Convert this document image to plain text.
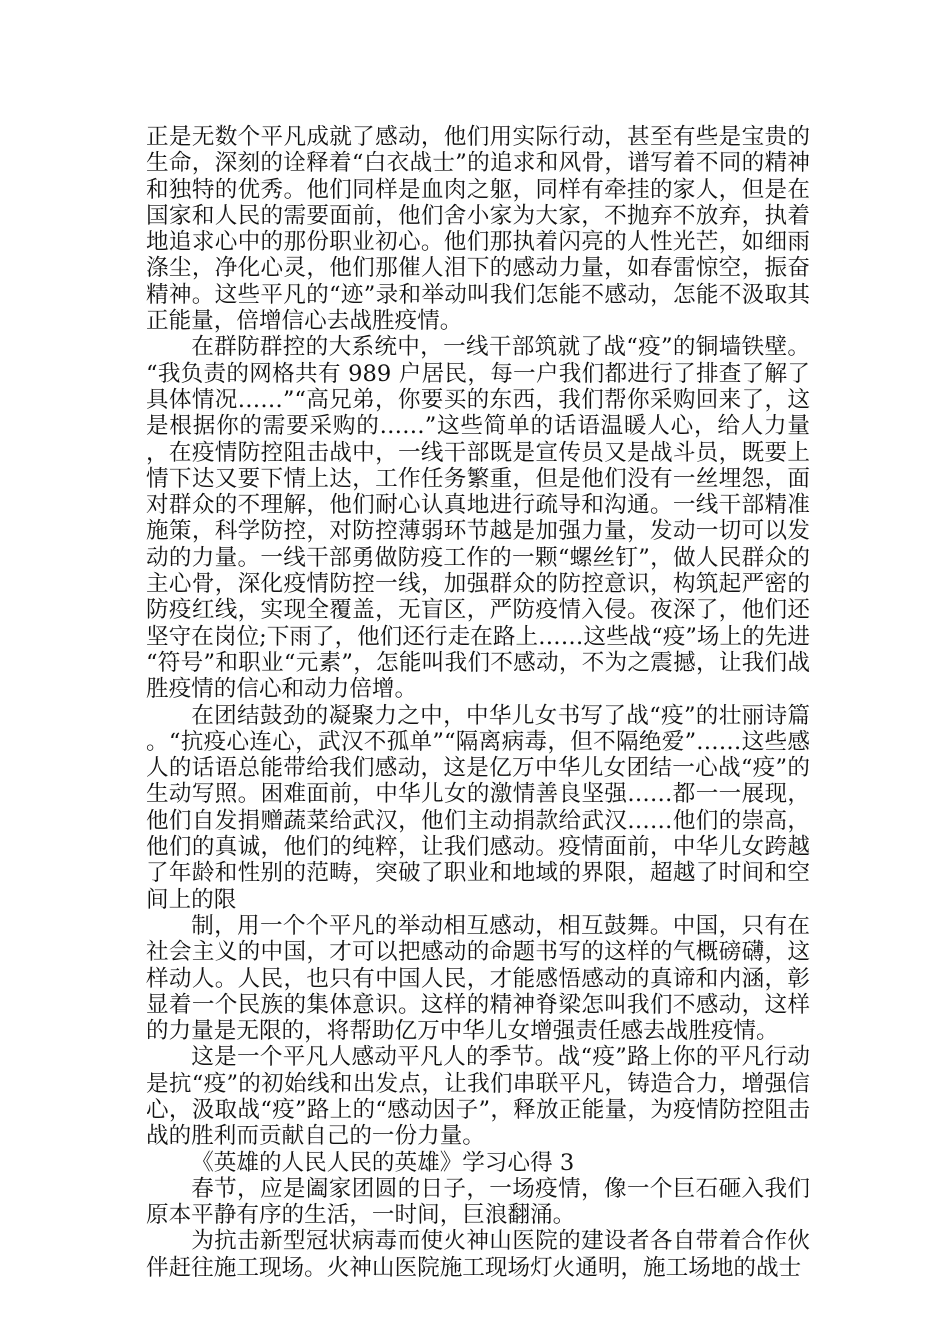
正是无数个平凡成就了感动，他们用实际行动，甚至有些是宝贵的生命，深刻的诠释着“白衣战士”的追求和风骨，谱写着不同的精神和独特的优秀。他们同样是血肉之躯，同样有牵挂的家人，但是在国家和人民的需要面前，他们舍小家为大家，不抛弃不放弃，执着地追求心中的那份职业初心。他们那执着闪亮的人性光芒，如细雨涤尘，净化心灵，他们那催人泪下的感动力量，如春雷惊空，振奋精神。这些平凡的“迹”录和举动叫我们怎能不感动，怎能不汲取其正能量，倍增信心去战胜疫情。

在群防群控的大系统中，一线干部筑就了战“疫”的铜墙铁壁。“我负责的网格共有 989 户居民，每一户我们都进行了排查了解了具体情况……”“高兄弟，你要买的东西，我们帮你采购回来了，这是根据你的需要采购的……”这些简单的话语温暖人心，给人力量，在疫情防控阻击战中，一线干部既是宣传员又是战斗员，既要上情下达又要下情上达，工作任务繁重，但是他们没有一丝埋怨，面对群众的不理解，他们耐心认真地进行疏导和沟通。一线干部精准施策，科学防控，对防控薄弱环节越是加强力量，发动一切可以发动的力量。一线干部勇做防疫工作的一颗“螺丝钉”，做人民群众的主心骨，深化疫情防控一线，加强群众的防控意识，构筑起严密的防疫红线，实现全覆盖，无盲区，严防疫情入侵。夜深了，他们还坚守在岗位;下雨了，他们还行走在路上……这些战“疫”场上的先进“符号”和职业“元素”，怎能叫我们不感动，不为之震撼，让我们战胜疫情的信心和动力倍增。

在团结鼓劲的凝聚力之中，中华儿女书写了战“疫”的壮丽诗篇。“抗疫心连心，武汉不孤单”“隔离病毒，但不隔绝爱”……这些感人的话语总能带给我们感动，这是亿万中华儿女团结一心战“疫”的生动写照。困难面前，中华儿女的激情善良坚强……都一一展现，他们自发捐赠蔬菜给武汉，他们主动捐款给武汉……他们的崇高，他们的真诚，他们的纯粹，让我们感动。疫情面前，中华儿女跨越了年龄和性别的范畴，突破了职业和地域的界限，超越了时间和空间上的限

制，用一个个平凡的举动相互感动，相互鼓舞。中国，只有在社会主义的中国，才可以把感动的命题书写的这样的气概磅礴，这样动人。人民，也只有中国人民，才能感悟感动的真谛和内涵，彰显着一个民族的集体意识。这样的精神脊梁怎叫我们不感动，这样的力量是无限的，将帮助亿万中华儿女增强责任感去战胜疫情。

这是一个平凡人感动平凡人的季节。战“疫”路上你的平凡行动是抗“疫”的初始线和出发点，让我们串联平凡，铸造合力，增强信心，汲取战“疫”路上的“感动因子”，释放正能量，为疫情防控阻击战的胜利而贡献自己的一份力量。

《英雄的人民人民的英雄》学习心得 3

春节，应是阖家团圆的日子，一场疫情，像一个巨石砸入我们原本平静有序的生活，一时间，巨浪翻涌。

为抗击新型冠状病毒而使火神山医院的建设者各自带着合作伙伴赶往施工现场。火神山医院施工现场灯火通明，施工场地的战士
